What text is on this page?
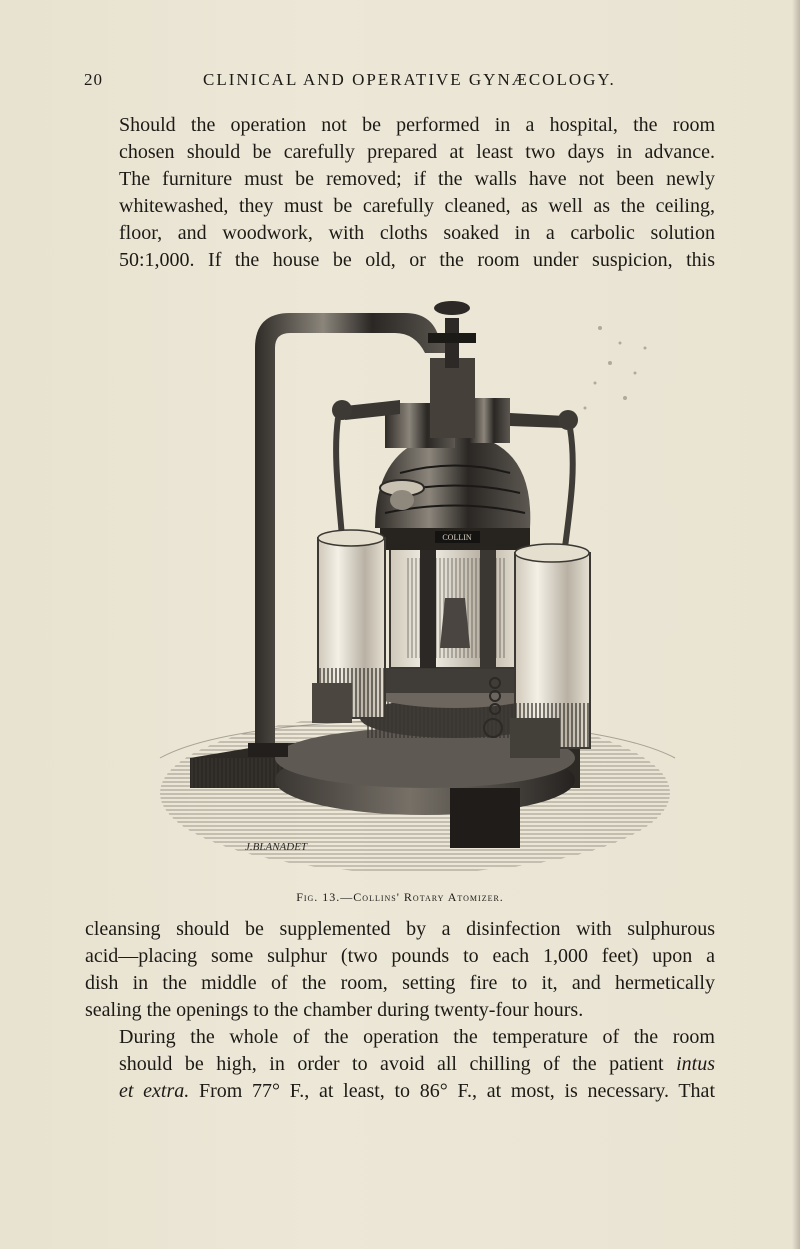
20	CLINICAL AND OPERATIVE GYNÆCOLOGY.
Should the operation not be performed in a hospital, the room
chosen should be carefully prepared at least two days in advance.
The furniture must be removed; if the walls have not been newly
whitewashed, they must be carefully cleaned, as well as the ceiling,
floor, and woodwork, with cloths soaked in a carbolic solution
50:1,000. If the house be old, or the room under suspicion, this
COLLIN
J.BLANADET
Fig. 13.—Collins' Rotary Atomizer.
cleansing should be supplemented by a disinfection with sulphurous
acid—placing some sulphur (two pounds to each 1,000 feet) upon a
dish in the middle of the room, setting fire to it, and hermetically
sealing the openings to the chamber during twenty-four hours.
During the whole of the operation the temperature of the room
should be high, in order to avoid all chilling of the patient intus
et extra. From 77° F., at least, to 86° F., at most, is necessary. That
